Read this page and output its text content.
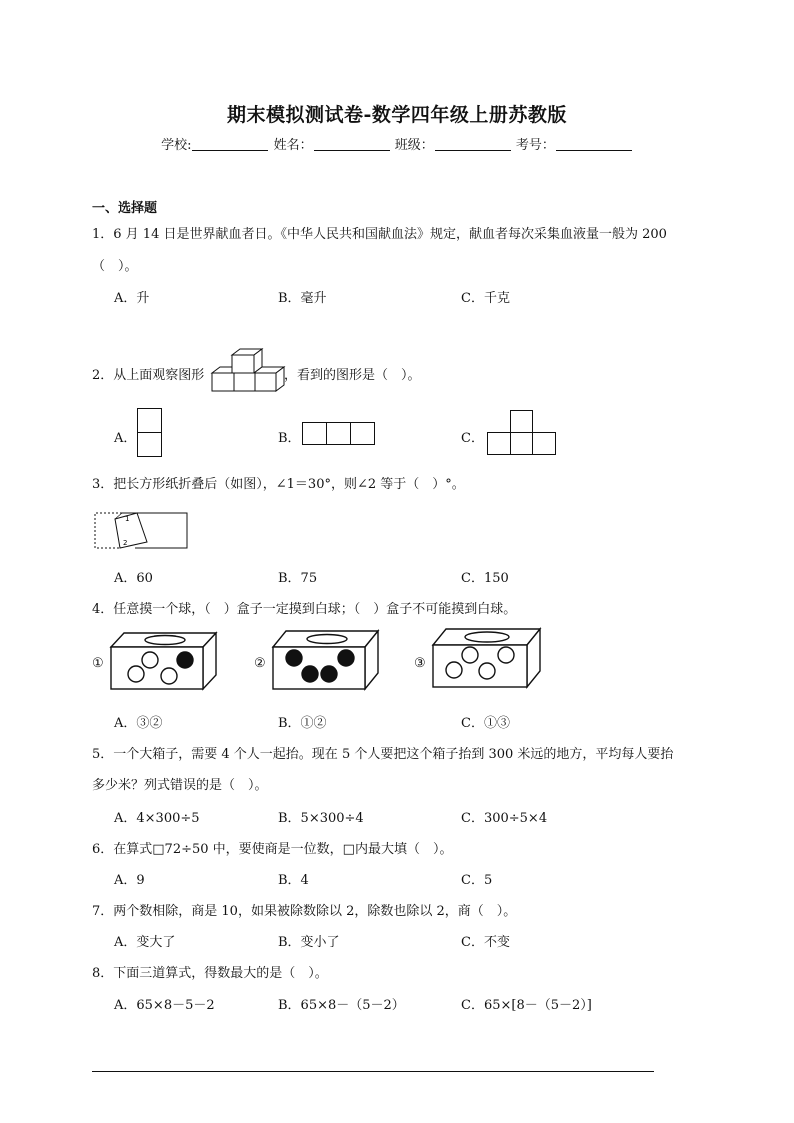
期末模拟测试卷-数学四年级上册苏教版
学校:	姓名：	班级：	考号：
一、选择题
1．6 月 14 日是世界献血者日。《中华人民共和国献血法》规定，献血者每次采集血液量一般为 200
（　）。
A．升	B．毫升	C．千克
2．从上面观察图形	，看到的图形是（　）。
A．	B．	C．
3．把长方形纸折叠后（如图），∠1＝30°，则∠2 等于（　）°。
1
2
A．60	B．75	C．150
4．任意摸一个球，（　）盒子一定摸到白球；（　）盒子不可能摸到白球。
①	②	③
A．③②	B．①②	C．①③
5．一个大箱子，需要 4 个人一起抬。现在 5 个人要把这个箱子抬到 300 米远的地方，平均每人要抬
多少米？列式错误的是（　）。
A．4×300÷5	B．5×300÷4	C．300÷5×4
6．在算式□72÷50 中，要使商是一位数，□内最大填（　）。
A．9	B．4	C．5
7．两个数相除，商是 10，如果被除数除以 2，除数也除以 2，商（　）。
A．变大了	B．变小了	C．不变
8．下面三道算式，得数最大的是（　）。
A．65×8－5－2	B．65×8－（5－2）	C．65×[8－（5－2）]
